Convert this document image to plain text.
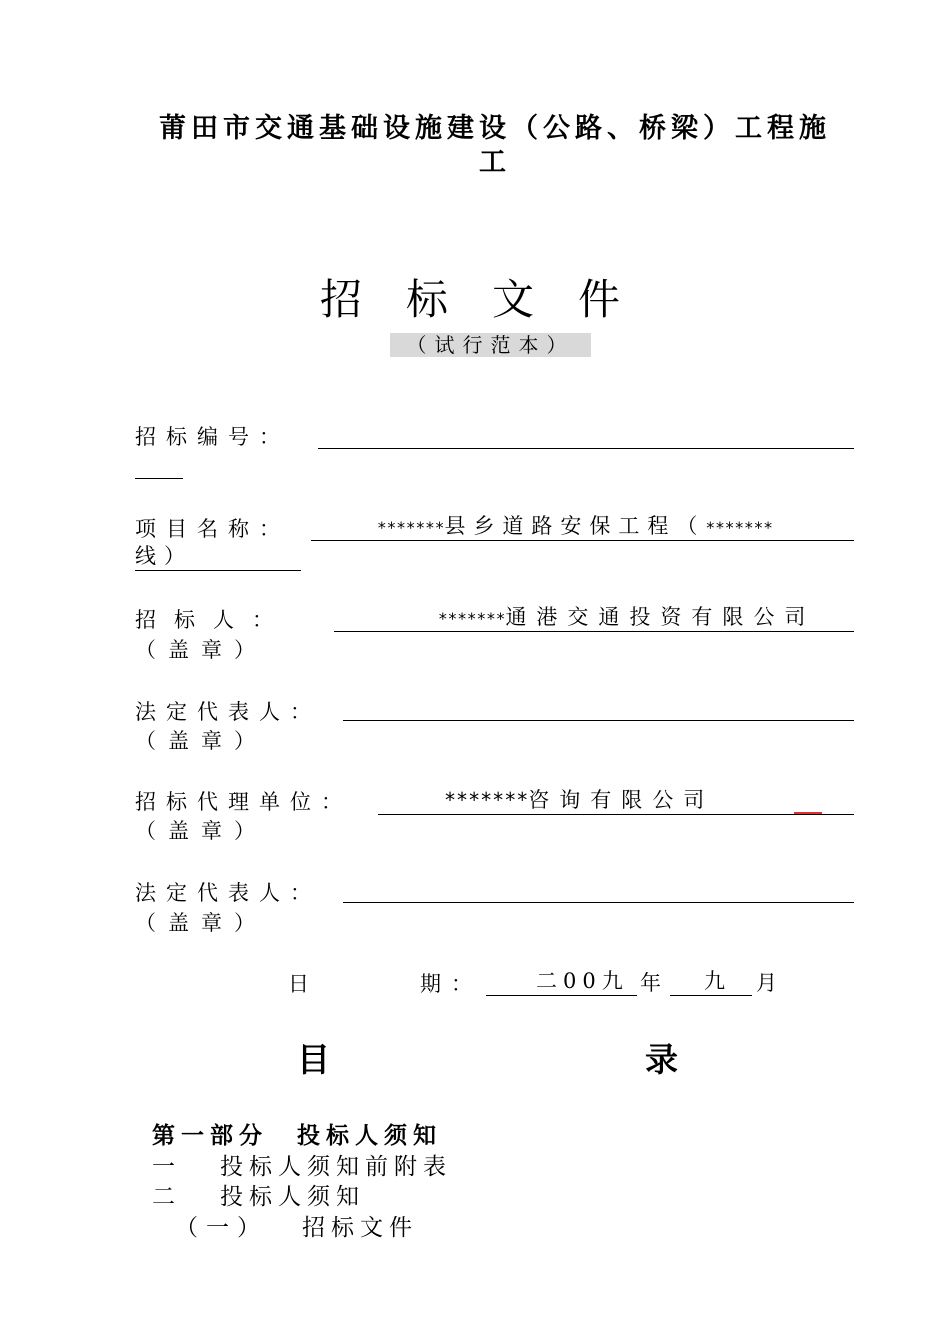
莆田市交通基础设施建设（公路、桥梁）工程施
工
招标文件
（试行范本）
招标编号：
项目名称：	*******县乡道路安保工程（*******
线）
招标人：	*******通港交通投资有限公司
（盖章）
法定代表人：
（盖章）
招标代理单位：	*******咨询有限公司
（盖章）
法定代表人：
（盖章）
日	期：	二00九 年 九 月
目	录
第一部分　投标人须知
一 投标人须知前附表
二 投标人须知
（一） 招标文件
